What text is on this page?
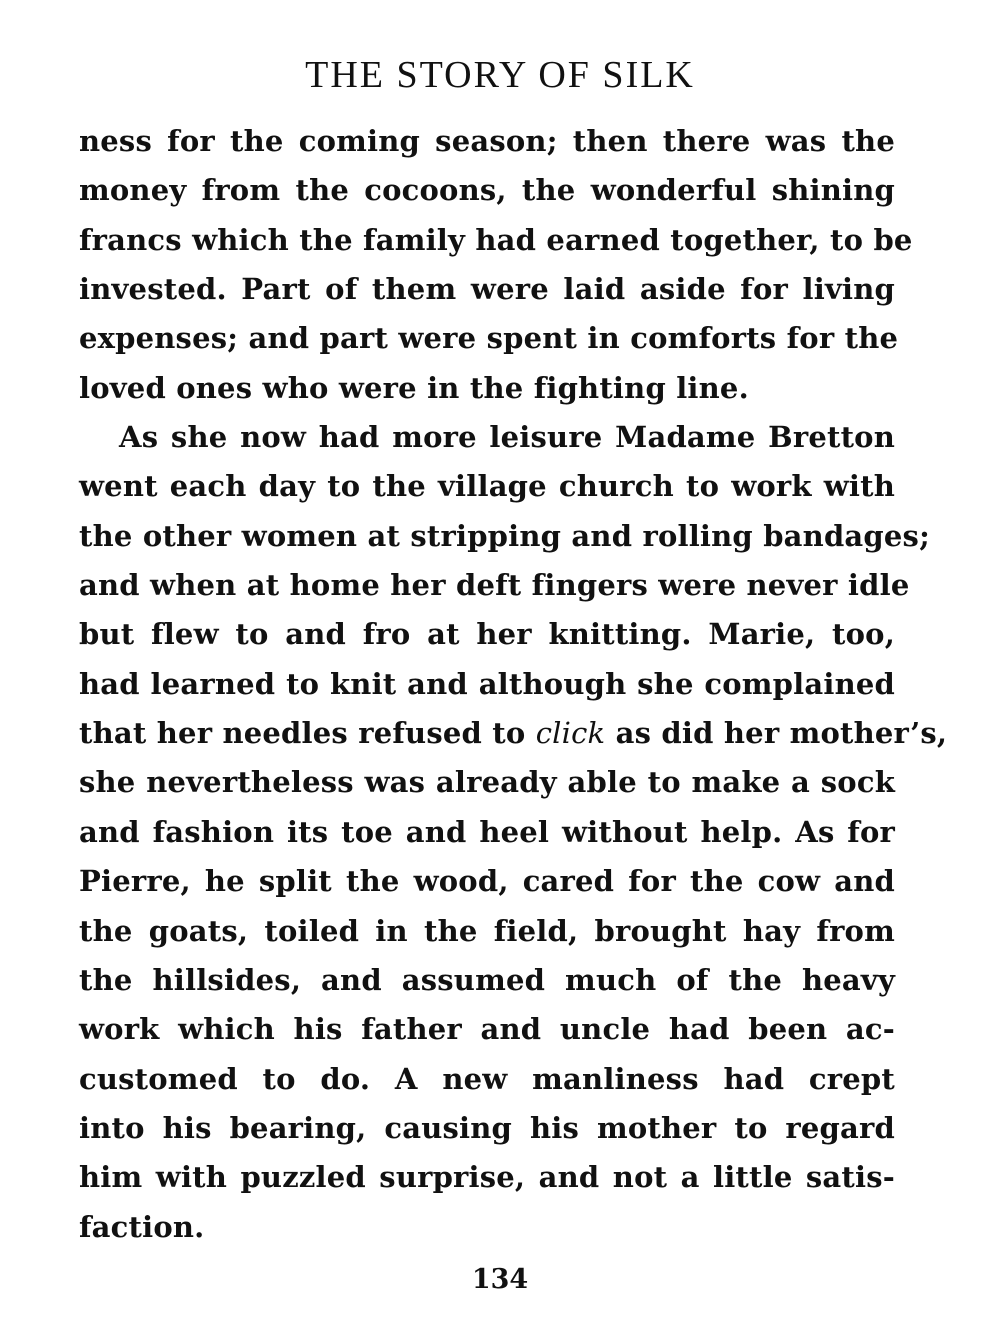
THE STORY OF SILK
ness for the coming season; then there was the
money from the cocoons, the wonderful shining
francs which the family had earned together, to be
invested. Part of them were laid aside for living
expenses; and part were spent in comforts for the
loved ones who were in the fighting line.
As she now had more leisure Madame Bretton
went each day to the village church to work with
the other women at stripping and rolling bandages;
and when at home her deft fingers were never idle
but flew to and fro at her knitting. Marie, too,
had learned to knit and although she complained
that her needles refused to click as did her mother’s,
she nevertheless was already able to make a sock
and fashion its toe and heel without help. As for
Pierre, he split the wood, cared for the cow and
the goats, toiled in the field, brought hay from
the hillsides, and assumed much of the heavy
work which his father and uncle had been ac-
customed to do. A new manliness had crept
into his bearing, causing his mother to regard
him with puzzled surprise, and not a little satis-
faction.
134
